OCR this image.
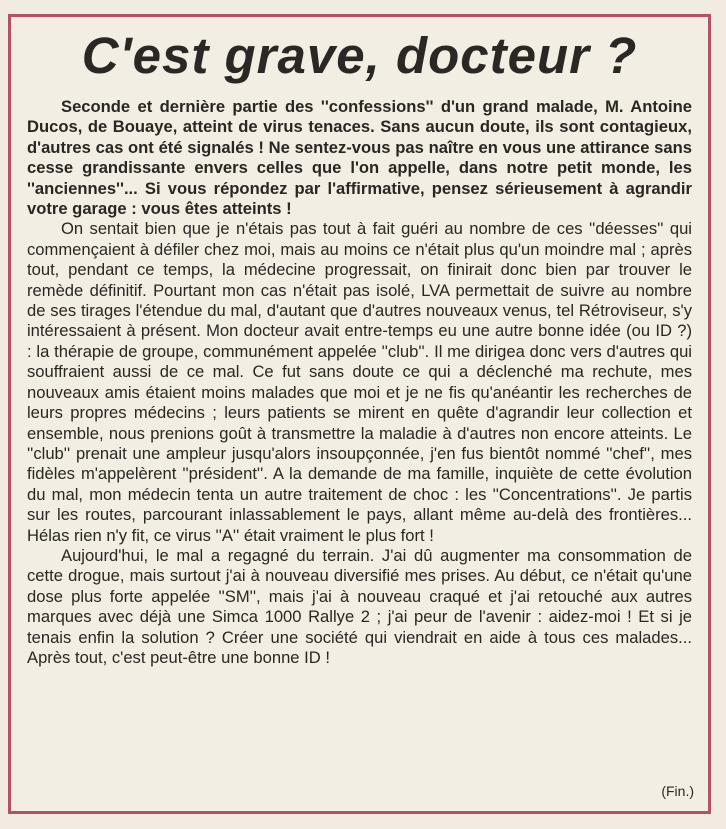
C'est grave, docteur ?

Seconde et dernière partie des ''confessions'' d'un grand malade, M. Antoine Ducos, de Bouaye, atteint de virus tenaces. Sans aucun doute, ils sont contagieux, d'autres cas ont été signalés ! Ne sentez-vous pas naître en vous une attirance sans cesse grandissante envers celles que l'on appelle, dans notre petit monde, les ''anciennes''... Si vous répondez par l'affirmative, pensez sérieusement à agrandir votre garage : vous êtes atteints !

On sentait bien que je n'étais pas tout à fait guéri au nombre de ces ''déesses'' qui commençaient à défiler chez moi, mais au moins ce n'était plus qu'un moindre mal ; après tout, pendant ce temps, la médecine progressait, on finirait donc bien par trouver le remède définitif. Pourtant mon cas n'était pas isolé, LVA permettait de suivre au nombre de ses tirages l'étendue du mal, d'autant que d'autres nouveaux venus, tel Rétroviseur, s'y intéressaient à présent. Mon docteur avait entre-temps eu une autre bonne idée (ou ID ?) : la thérapie de groupe, communément appelée ''club''. Il me dirigea donc vers d'autres qui souffraient aussi de ce mal. Ce fut sans doute ce qui a déclenché ma rechute, mes nouveaux amis étaient moins malades que moi et je ne fis qu'anéantir les recherches de leurs propres médecins ; leurs patients se mirent en quête d'agrandir leur collection et ensemble, nous prenions goût à transmettre la maladie à d'autres non encore atteints. Le ''club'' prenait une ampleur jusqu'alors insoupçonnée, j'en fus bientôt nommé ''chef'', mes fidèles m'appelèrent ''président''. A la demande de ma famille, inquiète de cette évolution du mal, mon médecin tenta un autre traitement de choc : les ''Concentrations''. Je partis sur les routes, parcourant inlassablement le pays, allant même au-delà des frontières... Hélas rien n'y fit, ce virus ''A'' était vraiment le plus fort !

Aujourd'hui, le mal a regagné du terrain. J'ai dû augmenter ma consommation de cette drogue, mais surtout j'ai à nouveau diversifié mes prises. Au début, ce n'était qu'une dose plus forte appelée ''SM'', mais j'ai à nouveau craqué et j'ai retouché aux autres marques avec déjà une Simca 1000 Rallye 2 ; j'ai peur de l'avenir : aidez-moi ! Et si je tenais enfin la solution ? Créer une société qui viendrait en aide à tous ces malades... Après tout, c'est peut-être une bonne ID !

(Fin.)
